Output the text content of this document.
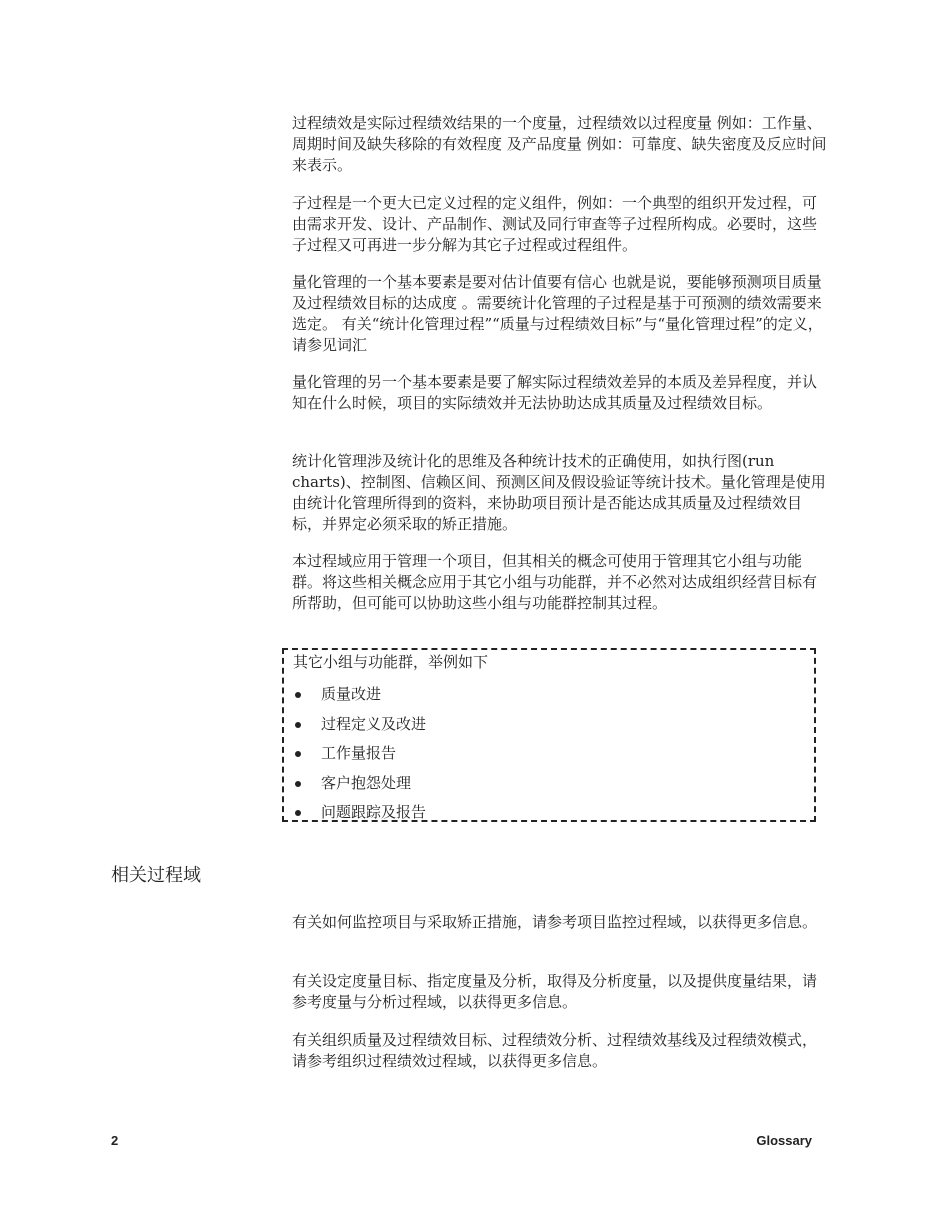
过程绩效是实际过程绩效结果的一个度量，过程绩效以过程度量 例如：工作量、周期时间及缺失移除的有效程度 及产品度量 例如：可靠度、缺失密度及反应时间 来表示。

子过程是一个更大已定义过程的定义组件，例如：一个典型的组织开发过程，可由需求开发、设计、产品制作、测试及同行审查等子过程所构成。必要时，这些子过程又可再进一步分解为其它子过程或过程组件。

量化管理的一个基本要素是要对估计值要有信心 也就是说，要能够预测项目质量及过程绩效目标的达成度 。需要统计化管理的子过程是基于可预测的绩效需要来选定。 有关“统计化管理过程”“质量与过程绩效目标”与“量化管理过程”的定义，请参见词汇

量化管理的另一个基本要素是要了解实际过程绩效差异的本质及差异程度，并认知在什么时候，项目的实际绩效并无法协助达成其质量及过程绩效目标。

统计化管理涉及统计化的思维及各种统计技术的正确使用，如执行图(run charts)、控制图、信赖区间、预测区间及假设验证等统计技术。量化管理是使用由统计化管理所得到的资料，来协助项目预计是否能达成其质量及过程绩效目标，并界定必须采取的矫正措施。

本过程域应用于管理一个项目，但其相关的概念可使用于管理其它小组与功能群。将这些相关概念应用于其它小组与功能群，并不必然对达成组织经营目标有所帮助，但可能可以协助这些小组与功能群控制其过程。

其它小组与功能群，举例如下
质量改进
过程定义及改进
工作量报告
客户抱怨处理
问题跟踪及报告
相关过程域

有关如何监控项目与采取矫正措施，请参考项目监控过程域，以获得更多信息。

有关设定度量目标、指定度量及分析，取得及分析度量，以及提供度量结果，请参考度量与分析过程域，以获得更多信息。

有关组织质量及过程绩效目标、过程绩效分析、过程绩效基线及过程绩效模式，请参考组织过程绩效过程域，以获得更多信息。

2	Glossary
